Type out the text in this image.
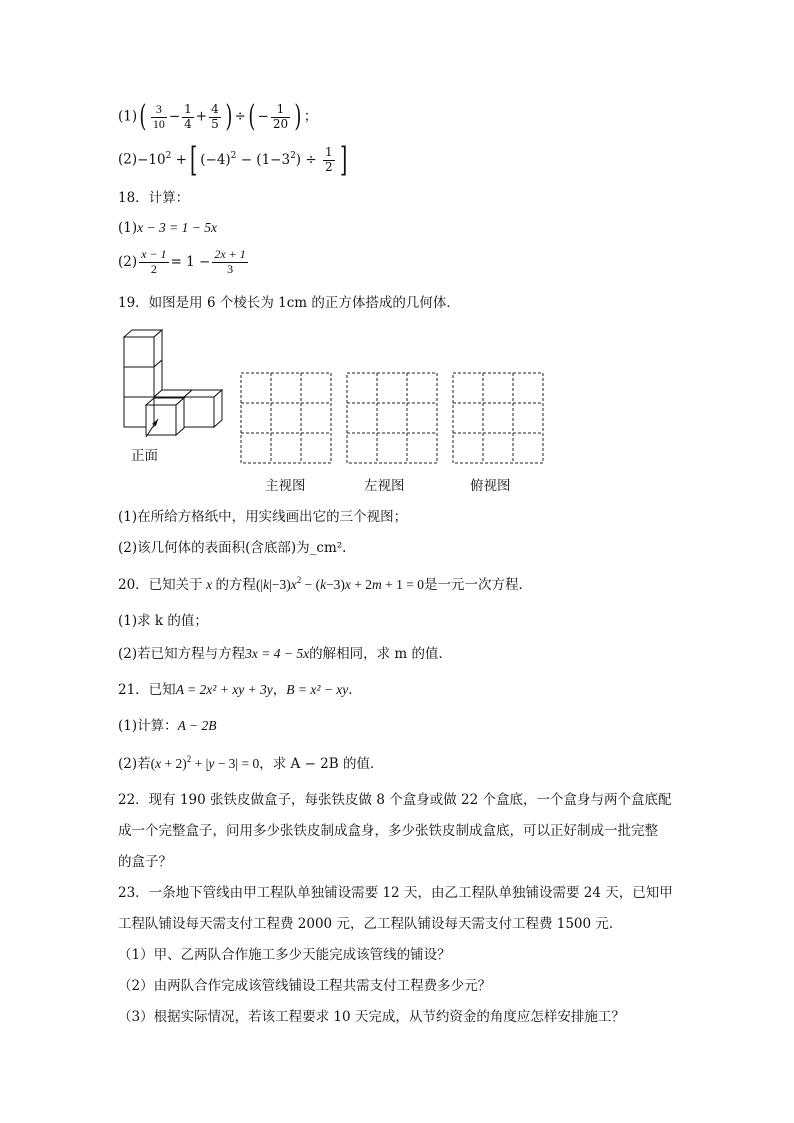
$(1)( \frac{3}{10} - \frac{1}{4} + \frac{4}{5}$ ) ÷( − $\frac{1}{20}$ ) ；
$(2)-10^2$ +[ $(-4)^2 - (1-3^2) \div \frac{1}{2}$ ]
18．计算：
(1)x − 3 = 1 − 5x
$(2) \frac{x - 1}{2} = 1 - \frac{2x + 1}{3}$
19．如图是用 6 个棱长为 1cm 的正方体搭成的几何体．
正面
主视图	左视图	俯视图
(1)在所给方格纸中，用实线画出它的三个视图；
(2)该几何体的表面积(含底部)为_cm².
20．已知关于 x 的方程$(|k|-3)x^2 - (k-3)x + 2m + 1 = 0$是一元一次方程．
(1)求 k 的值；
(2)若已知方程与方程3x = 4 − 5x的解相同，求 m 的值．
21．已知A = 2x² + xy + 3y，B = x² − xy．
(1)计算：A − 2B
(2)若$(x + 2)^2 + |y - 3| = 0$，求 A − 2B 的值．
22．现有 190 张铁皮做盒子，每张铁皮做 8 个盒身或做 22 个盒底，一个盒身与两个盒底配
成一个完整盒子，问用多少张铁皮制成盒身，多少张铁皮制成盒底，可以正好制成一批完整
的盒子？
23．一条地下管线由甲工程队单独铺设需要 12 天，由乙工程队单独铺设需要 24 天，已知甲
工程队铺设每天需支付工程费 2000 元，乙工程队铺设每天需支付工程费 1500 元.
（1）甲、乙两队合作施工多少天能完成该管线的铺设？
（2）由两队合作完成该管线铺设工程共需支付工程费多少元？
（3）根据实际情况，若该工程要求 10 天完成，从节约资金的角度应怎样安排施工？
